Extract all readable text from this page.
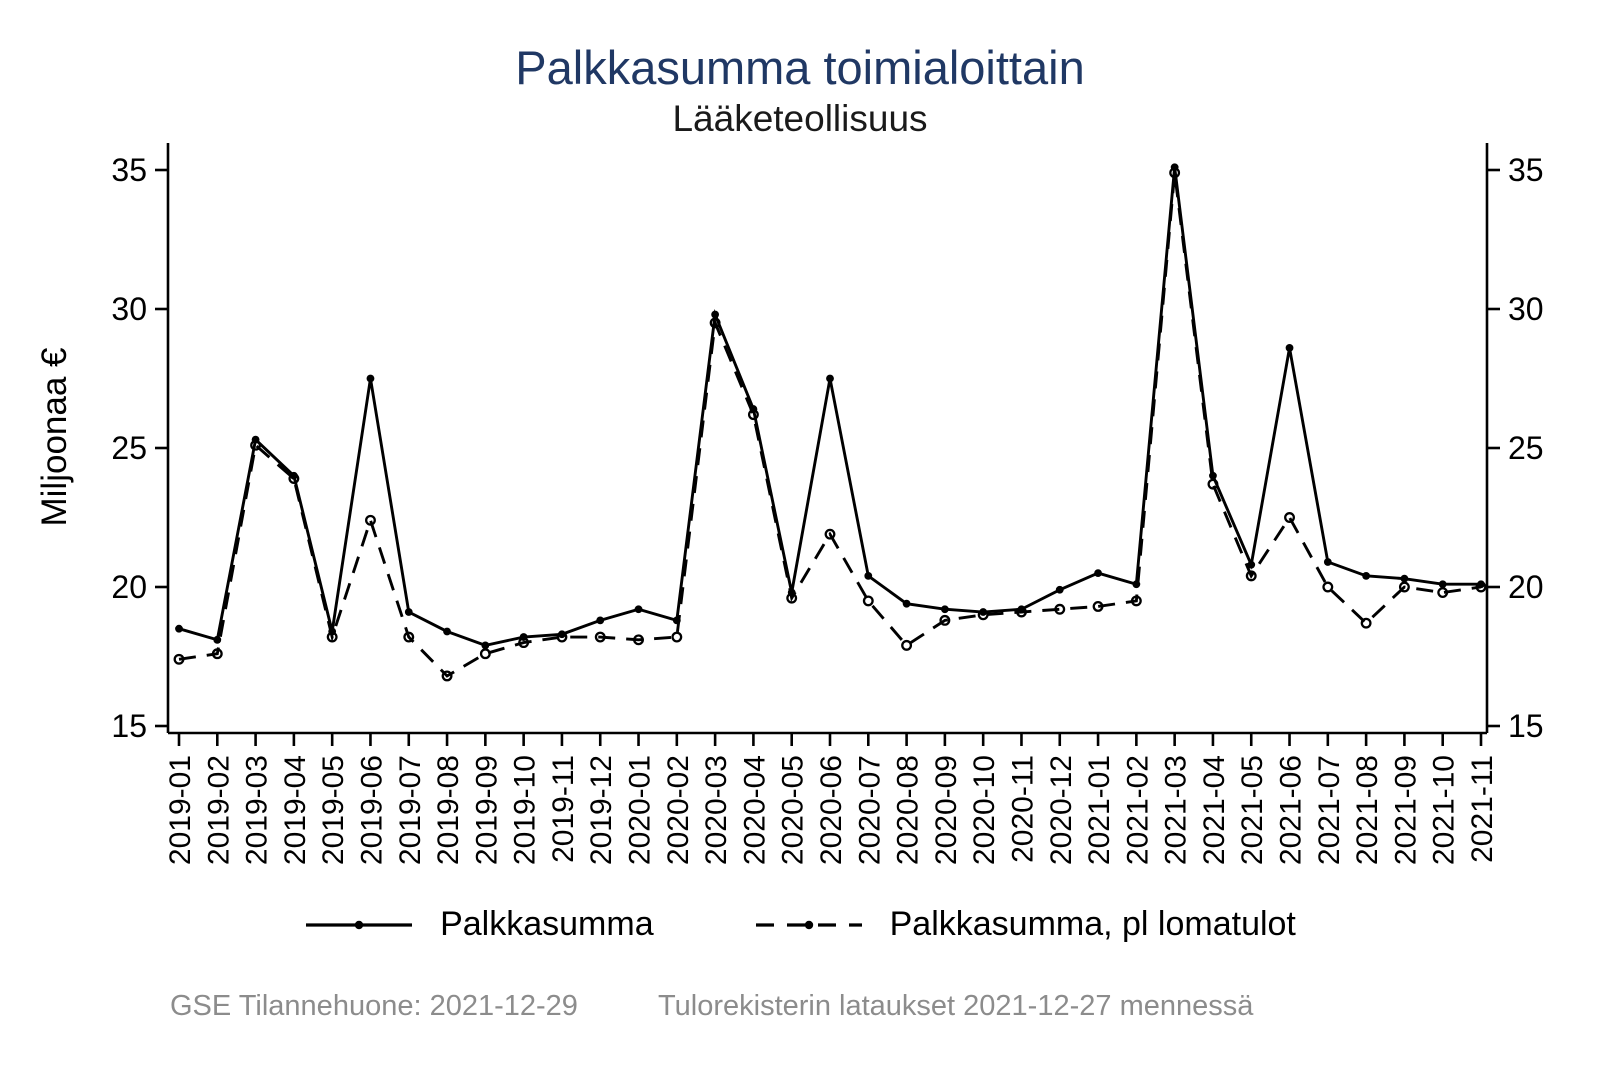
Palkkasumma toimialoittain
Lääketeollisuus
15	15
20	20
25	25
30	30
35	35
Miljoonaa €
2019-01 2019-02 2019-03 2019-04 2019-05 2019-06 2019-07 2019-08 2019-09 2019-10 2019-11 2019-12 2020-01 2020-02 2020-03 2020-04 2020-05 2020-06 2020-07 2020-08 2020-09 2020-10 2020-11 2020-12 2021-01 2021-02 2021-03 2021-04 2021-05 2021-06 2021-07 2021-08 2021-09 2021-10 2021-11
Palkkasumma	Palkkasumma, pl lomatulot
GSE Tilannehuone: 2021-12-29	Tulorekisterin lataukset 2021-12-27 mennessä
